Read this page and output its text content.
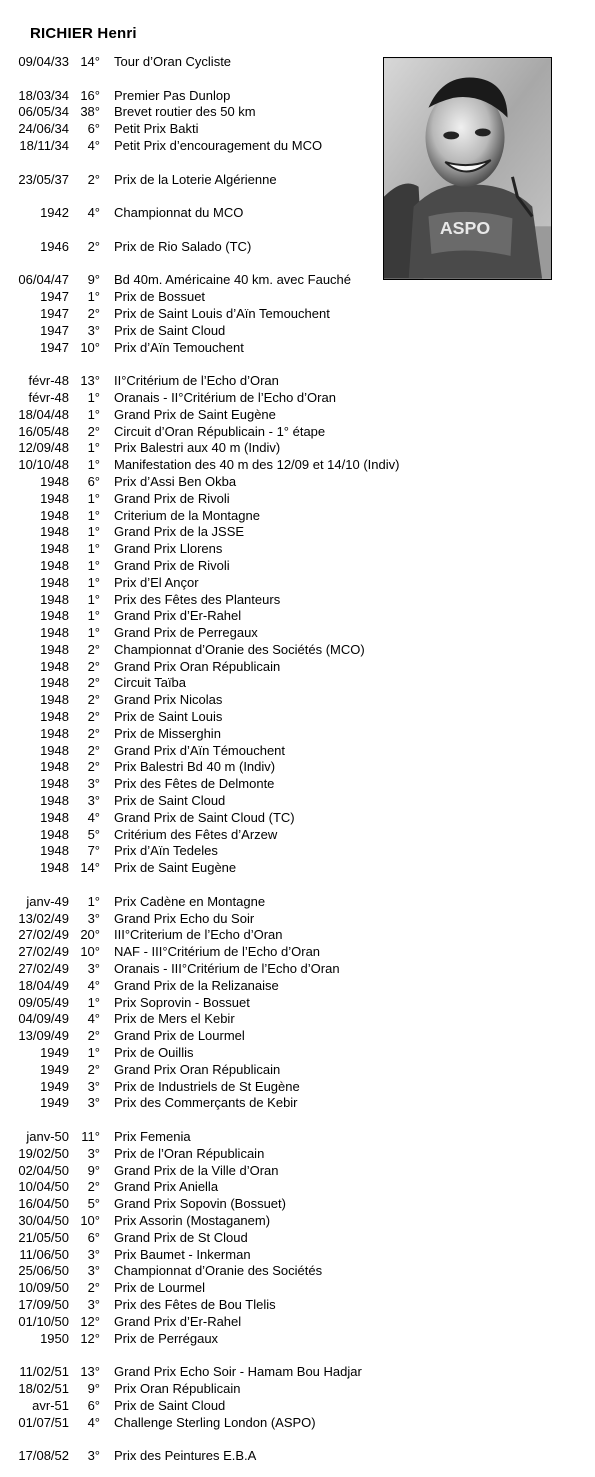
RICHIER Henri
ASPO
09/04/33 14° Tour d’Oran Cycliste
18/03/34 16° Premier Pas Dunlop
06/05/34 38° Brevet routier des 50 km
24/06/34 6° Petit Prix Bakti
18/11/34 4° Petit Prix d’encouragement du MCO
23/05/37 2° Prix de la Loterie Algérienne
1942 4° Championnat du MCO
1946 2° Prix de Rio Salado (TC)
06/04/47 9° Bd 40m. Américaine 40 km. avec Fauché
1947 1° Prix de Bossuet
1947 2° Prix de Saint Louis d’Aïn Temouchent
1947 3° Prix de Saint Cloud
1947 10° Prix d’Aïn Temouchent
févr-48 13° II°Critérium de l’Echo d’Oran
févr-48 1° Oranais - II°Critérium de l’Echo d’Oran
18/04/48 1° Grand Prix de Saint Eugène
16/05/48 2° Circuit d’Oran Républicain - 1° étape
12/09/48 1° Prix Balestri aux 40 m (Indiv)
10/10/48 1° Manifestation des 40 m des 12/09 et 14/10 (Indiv)
1948 6° Prix d’Assi Ben Okba
1948 1° Grand Prix de Rivoli
1948 1° Criterium de la Montagne
1948 1° Grand Prix de la JSSE
1948 1° Grand Prix Llorens
1948 1° Grand Prix de Rivoli
1948 1° Prix d’El Ançor
1948 1° Prix des Fêtes des Planteurs
1948 1° Grand Prix d’Er-Rahel
1948 1° Grand Prix de Perregaux
1948 2° Championnat d’Oranie des Sociétés (MCO)
1948 2° Grand Prix Oran Républicain
1948 2° Circuit Taïba
1948 2° Grand Prix Nicolas
1948 2° Prix de Saint Louis
1948 2° Prix de Misserghin
1948 2° Grand Prix d’Aïn Témouchent
1948 2° Prix Balestri Bd 40 m (Indiv)
1948 3° Prix des Fêtes de Delmonte
1948 3° Prix de Saint Cloud
1948 4° Grand Prix de Saint Cloud (TC)
1948 5° Critérium des Fêtes d’Arzew
1948 7° Prix d’Aïn Tedeles
1948 14° Prix de Saint Eugène
janv-49 1° Prix Cadène en Montagne
13/02/49 3° Grand Prix Echo du Soir
27/02/49 20° III°Criterium de l’Echo d’Oran
27/02/49 10° NAF - III°Critérium de l’Echo d’Oran
27/02/49 3° Oranais - III°Critérium de l’Echo d’Oran
18/04/49 4° Grand Prix de la Relizanaise
09/05/49 1° Prix Soprovin - Bossuet
04/09/49 4° Prix de Mers el Kebir
13/09/49 2° Grand Prix de Lourmel
1949 1° Prix de Ouillis
1949 2° Grand Prix Oran Républicain
1949 3° Prix de Industriels de St Eugène
1949 3° Prix des Commerçants de Kebir
janv-50 11° Prix Femenia
19/02/50 3° Prix de l’Oran Républicain
02/04/50 9° Grand Prix de la Ville d’Oran
10/04/50 2° Grand Prix Aniella
16/04/50 5° Grand Prix Sopovin (Bossuet)
30/04/50 10° Prix Assorin (Mostaganem)
21/05/50 6° Grand Prix de St Cloud
11/06/50 3° Prix Baumet - Inkerman
25/06/50 3° Championnat d’Oranie des Sociétés
10/09/50 2° Prix de Lourmel
17/09/50 3° Prix des Fêtes de Bou Tlelis
01/10/50 12° Grand Prix d’Er-Rahel
1950 12° Prix de Perrégaux
11/02/51 13° Grand Prix Echo Soir - Hamam Bou Hadjar
18/02/51 9° Prix Oran Républicain
avr-51 6° Prix de Saint Cloud
01/07/51 4° Challenge Sterling London (ASPO)
17/08/52 3° Prix des Peintures E.B.A
